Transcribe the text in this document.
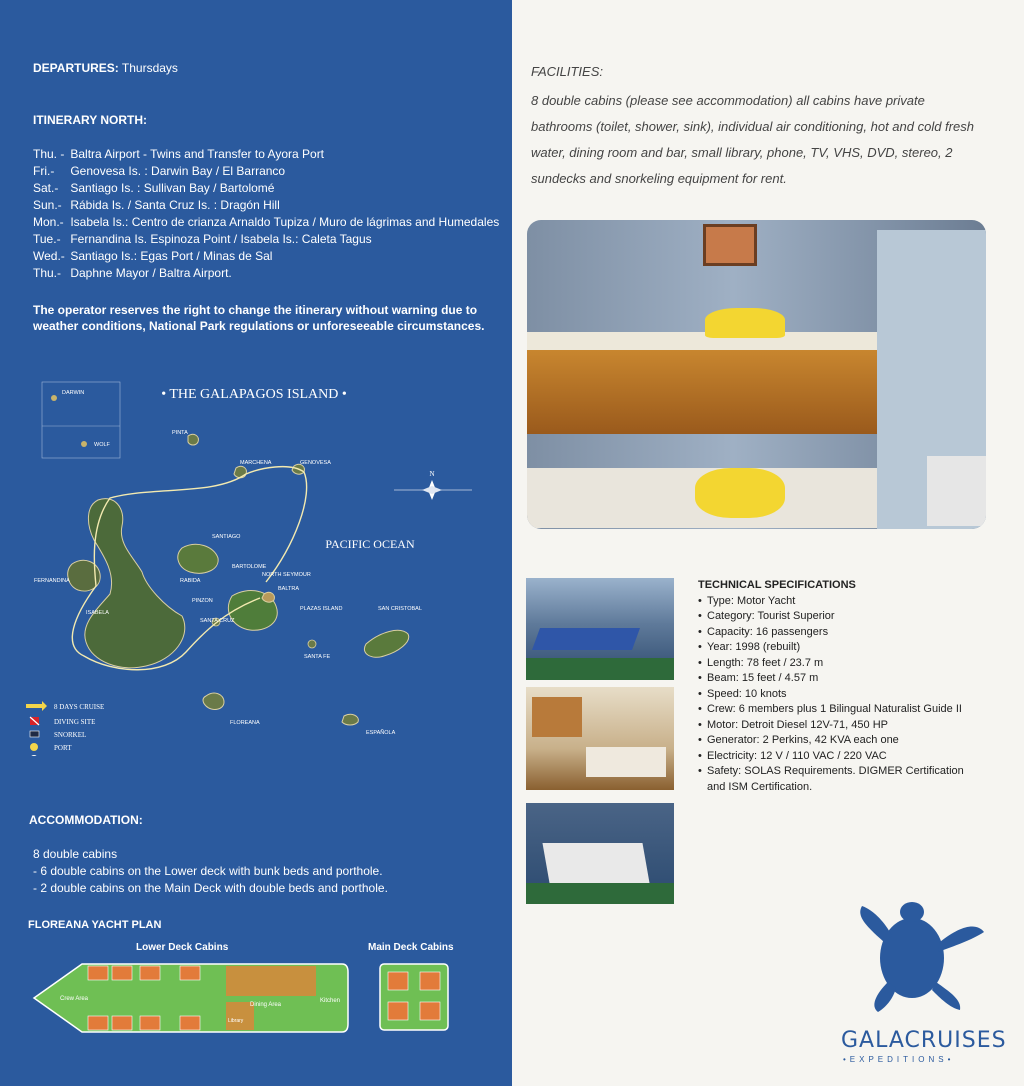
DEPARTURES: Thursdays
ITINERARY NORTH:
Thu. - Baltra Airport - Twins and Transfer to Ayora Port
Fri.- Genovesa Is. : Darwin Bay / El Barranco
Sat.- Santiago Is. : Sullivan Bay / Bartolomé
Sun.- Rábida Is. / Santa Cruz Is. : Dragón Hill
Mon.- Isabela Is.: Centro de crianza Arnaldo Tupiza / Muro de lágrimas and Humedales
Tue.- Fernandina Is. Espinoza Point / Isabela Is.: Caleta Tagus
Wed.- Santiago Is.: Egas Port / Minas de Sal
Thu.- Daphne Mayor / Baltra Airport.
The operator reserves the right to change the itinerary without warning due to weather conditions, National Park regulations or unforeseeable circumstances.
• THE GALAPAGOS ISLAND •
PACIFIC OCEAN
N
8 DAYS CRUISE
DIVING SITE
SNORKEL
PORT
ISABELA
FERNANDINA
SANTIAGO
SANTA CRUZ
SAN CRISTOBAL
FLOREANA
ESPAÑOLA
GENOVESA
MARCHENA
PINTA
DARWIN
WOLF
BALTRA
NORTH SEYMOUR
BARTOLOME
RABIDA
PINZON
SANTA FE
PLAZAS ISLAND
ACCOMMODATION:
8 double cabins
- 6 double cabins on the Lower deck with bunk beds and porthole.
- 2 double cabins on the Main Deck with double beds and porthole.
FLOREANA YACHT PLAN
Lower Deck Cabins	Main Deck Cabins
Crew Area
Dining Area
Kitchen
Library
FACILITIES:
8 double cabins (please see accommodation) all cabins have private bathrooms (toilet, shower, sink), individual air conditioning, hot and cold fresh water, dining room and bar, small library, phone, TV, VHS, DVD, stereo, 2 sundecks and snorkeling equipment for rent.
TECHNICAL SPECIFICATIONS
• Type: Motor Yacht
• Category: Tourist Superior
• Capacity: 16 passengers
• Year: 1998 (rebuilt)
• Length: 78 feet / 23.7 m
• Beam: 15 feet / 4.57 m
• Speed: 10 knots
• Crew: 6 members plus 1 Bilingual Naturalist Guide II
• Motor: Detroit Diesel 12V-71, 450 HP
• Generator: 2 Perkins, 42 KVA each one
• Electricity: 12 V / 110 VAC / 220 VAC
• Safety: SOLAS Requirements. DIGMER Certification
and ISM Certification.
GALACRUISES
•EXPEDITIONS•
